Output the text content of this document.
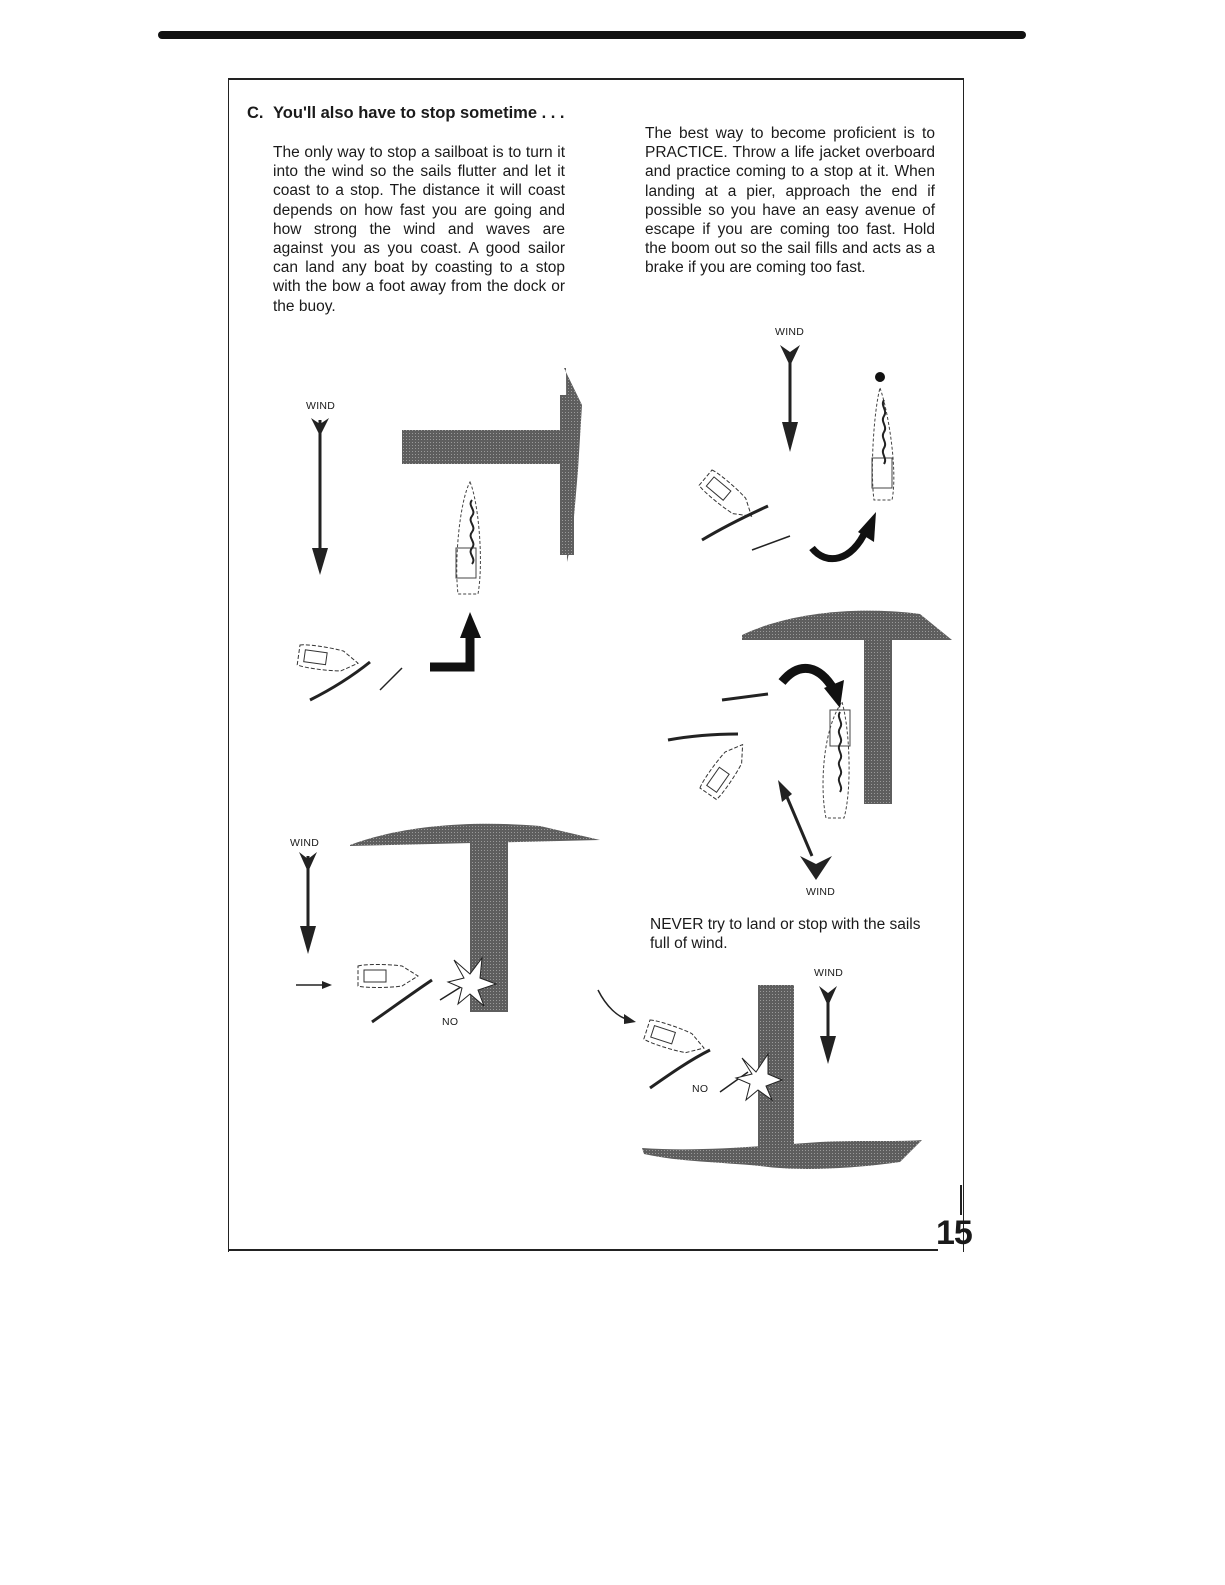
C. You'll also have to stop sometime . . .
The only way to stop a sailboat is to turn it into the wind so the sails flutter and let it coast to a stop. The distance it will coast depends on how fast you are going and how strong the wind and waves are against you as you coast. A good sailor can land any boat by coasting to a stop with the bow a foot away from the dock or the buoy.
The best way to become proficient is to PRACTICE. Throw a life jacket overboard and practice coming to a stop at it. When landing at a pier, approach the end if possible so you have an easy avenue of escape if you are coming too fast. Hold the boom out so the sail fills and acts as a brake if you are coming too fast.
NEVER try to land or stop with the sails full of wind.
WIND
WIND
WIND
WIND
WIND
NO
NO
15
